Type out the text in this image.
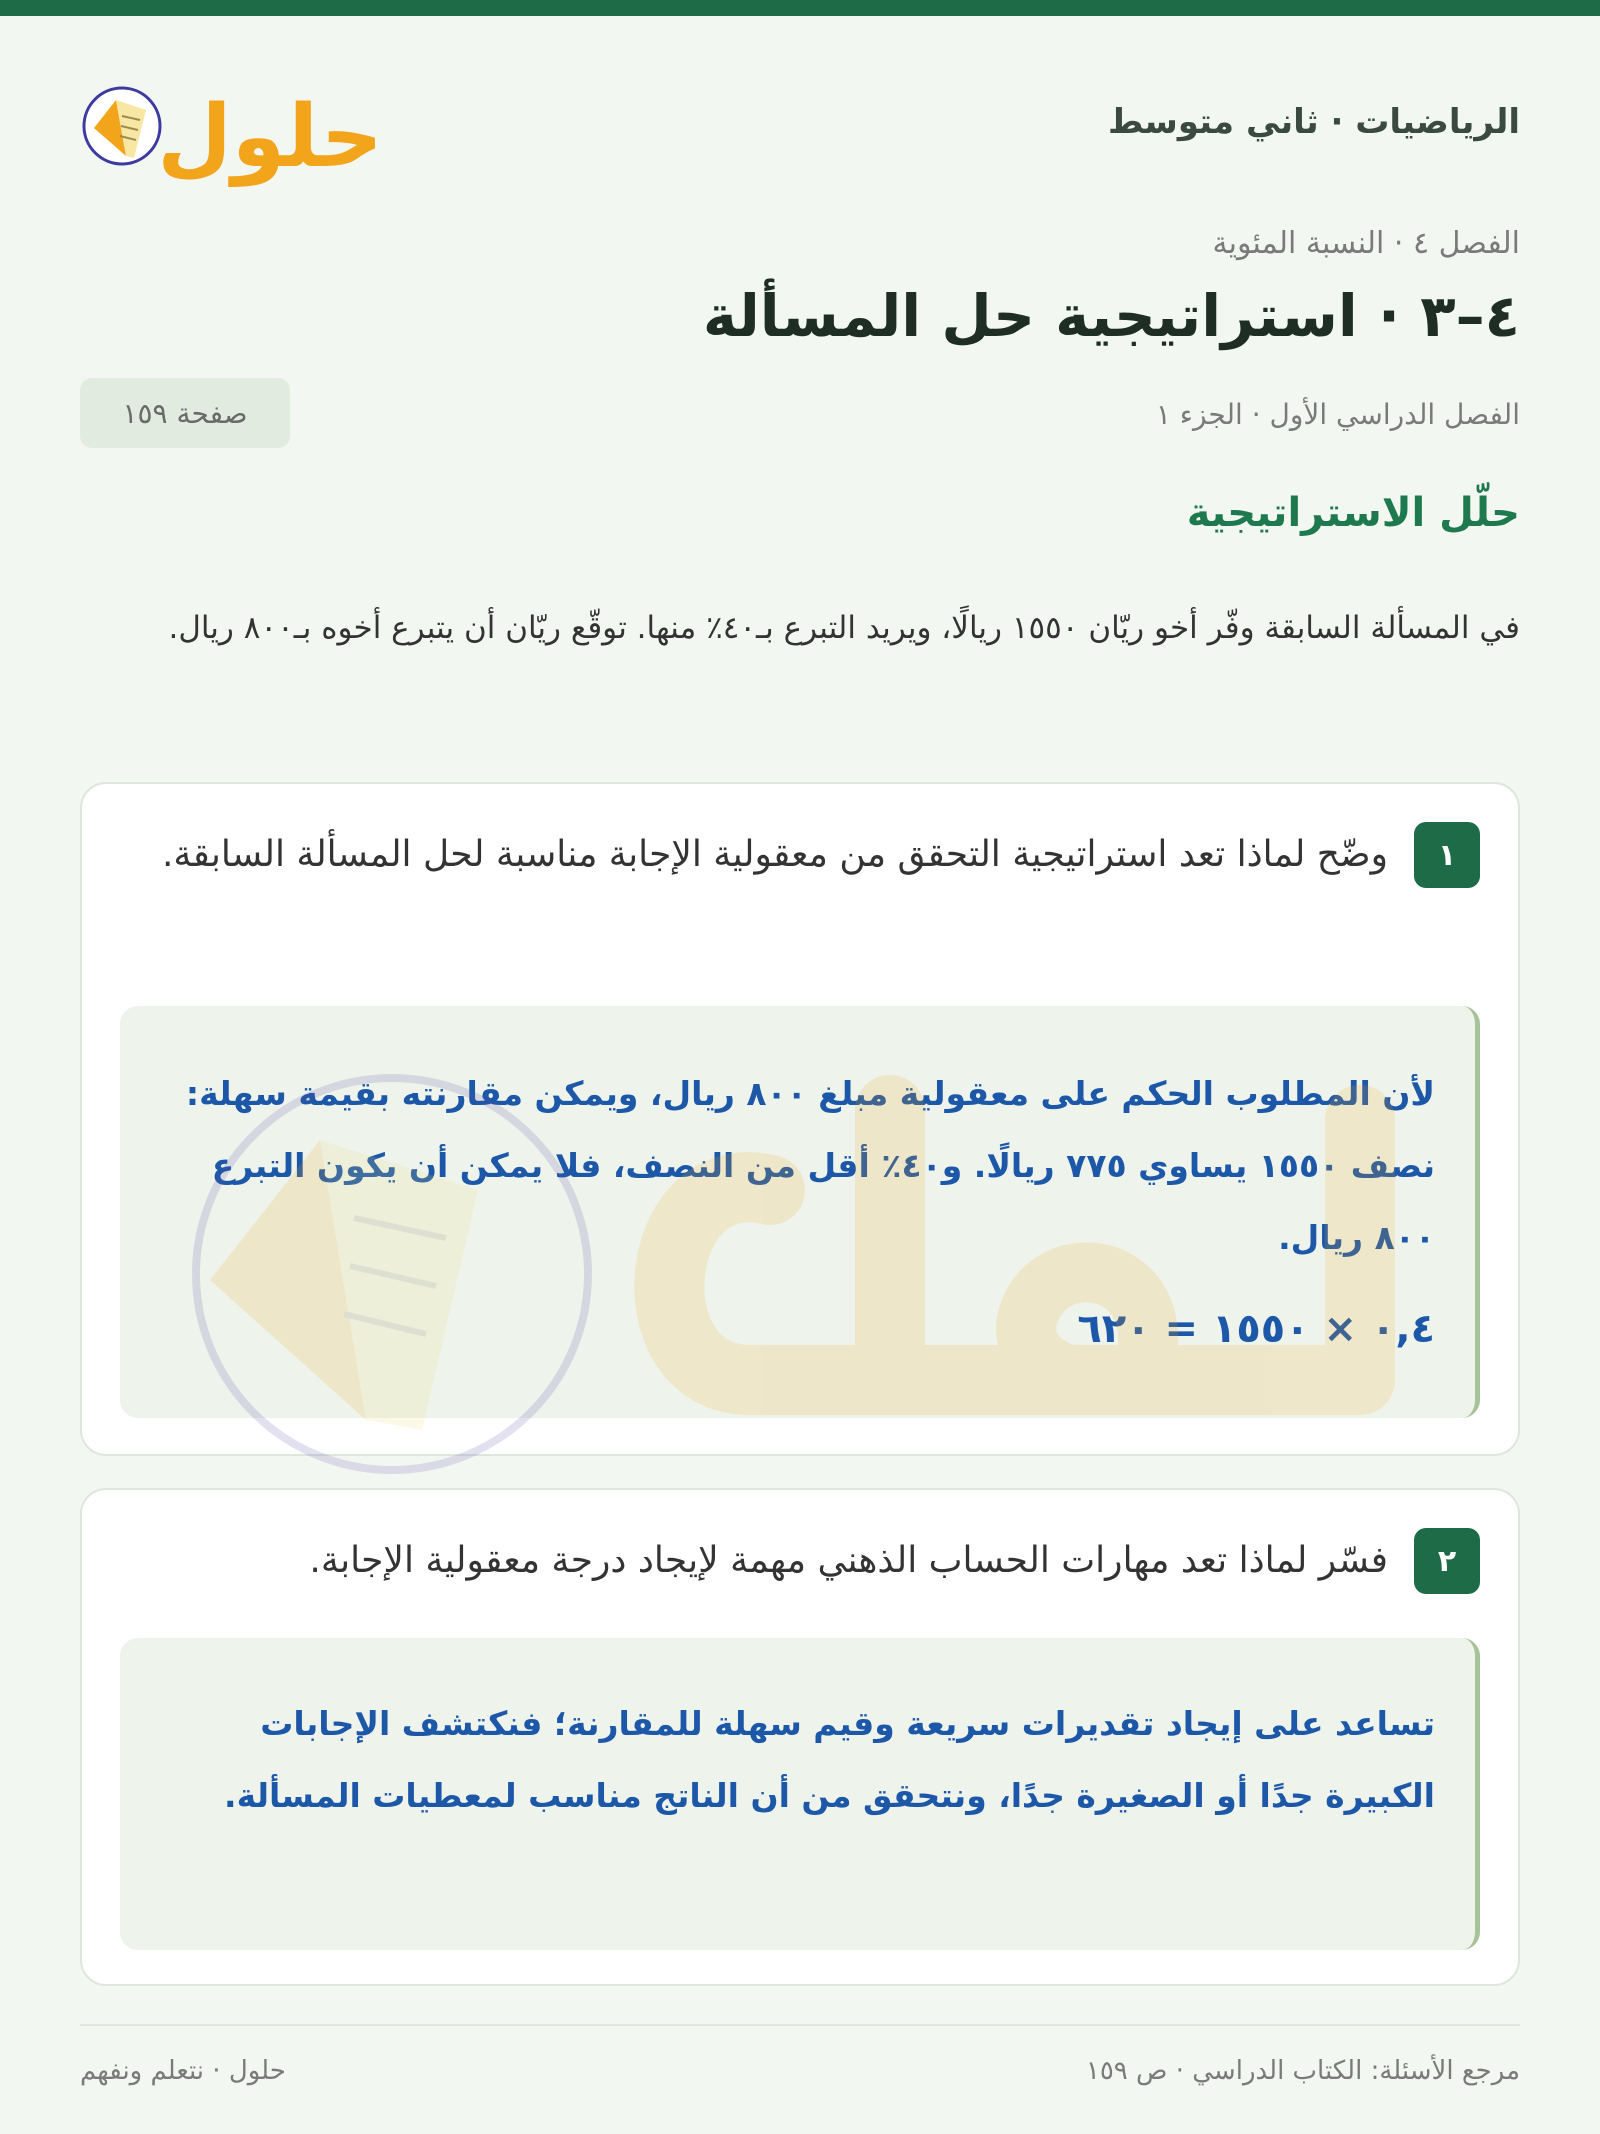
الرياضيات · ثاني متوسط
حلول
الفصل ٤ · النسبة المئوية
٤–٣ · استراتيجية حل المسألة
الفصل الدراسي الأول · الجزء ١
صفحة ١٥٩
حلّل الاستراتيجية
في المسألة السابقة وفّر أخو ريّان ١٥٥٠ ريالًا، ويريد التبرع بـ٤٠٪ منها. توقّع ريّان أن يتبرع أخوه بـ٨٠٠ ريال.
١
وضّح لماذا تعد استراتيجية التحقق من معقولية الإجابة مناسبة لحل المسألة السابقة.
لأن المطلوب الحكم على معقولية مبلغ ٨٠٠ ريال، ويمكن مقارنته بقيمة سهلة: نصف ١٥٥٠ يساوي ٧٧٥ ريالًا. و٤٠٪ أقل من النصف، فلا يمكن أن يكون التبرع ٨٠٠ ريال.
٠,٤ × ١٥٥٠ = ٦٢٠
٢
فسّر لماذا تعد مهارات الحساب الذهني مهمة لإيجاد درجة معقولية الإجابة.
تساعد على إيجاد تقديرات سريعة وقيم سهلة للمقارنة؛ فنكتشف الإجابات الكبيرة جدًا أو الصغيرة جدًا، ونتحقق من أن الناتج مناسب لمعطيات المسألة.
مرجع الأسئلة: الكتاب الدراسي · ص ١٥٩
حلول · نتعلم ونفهم
